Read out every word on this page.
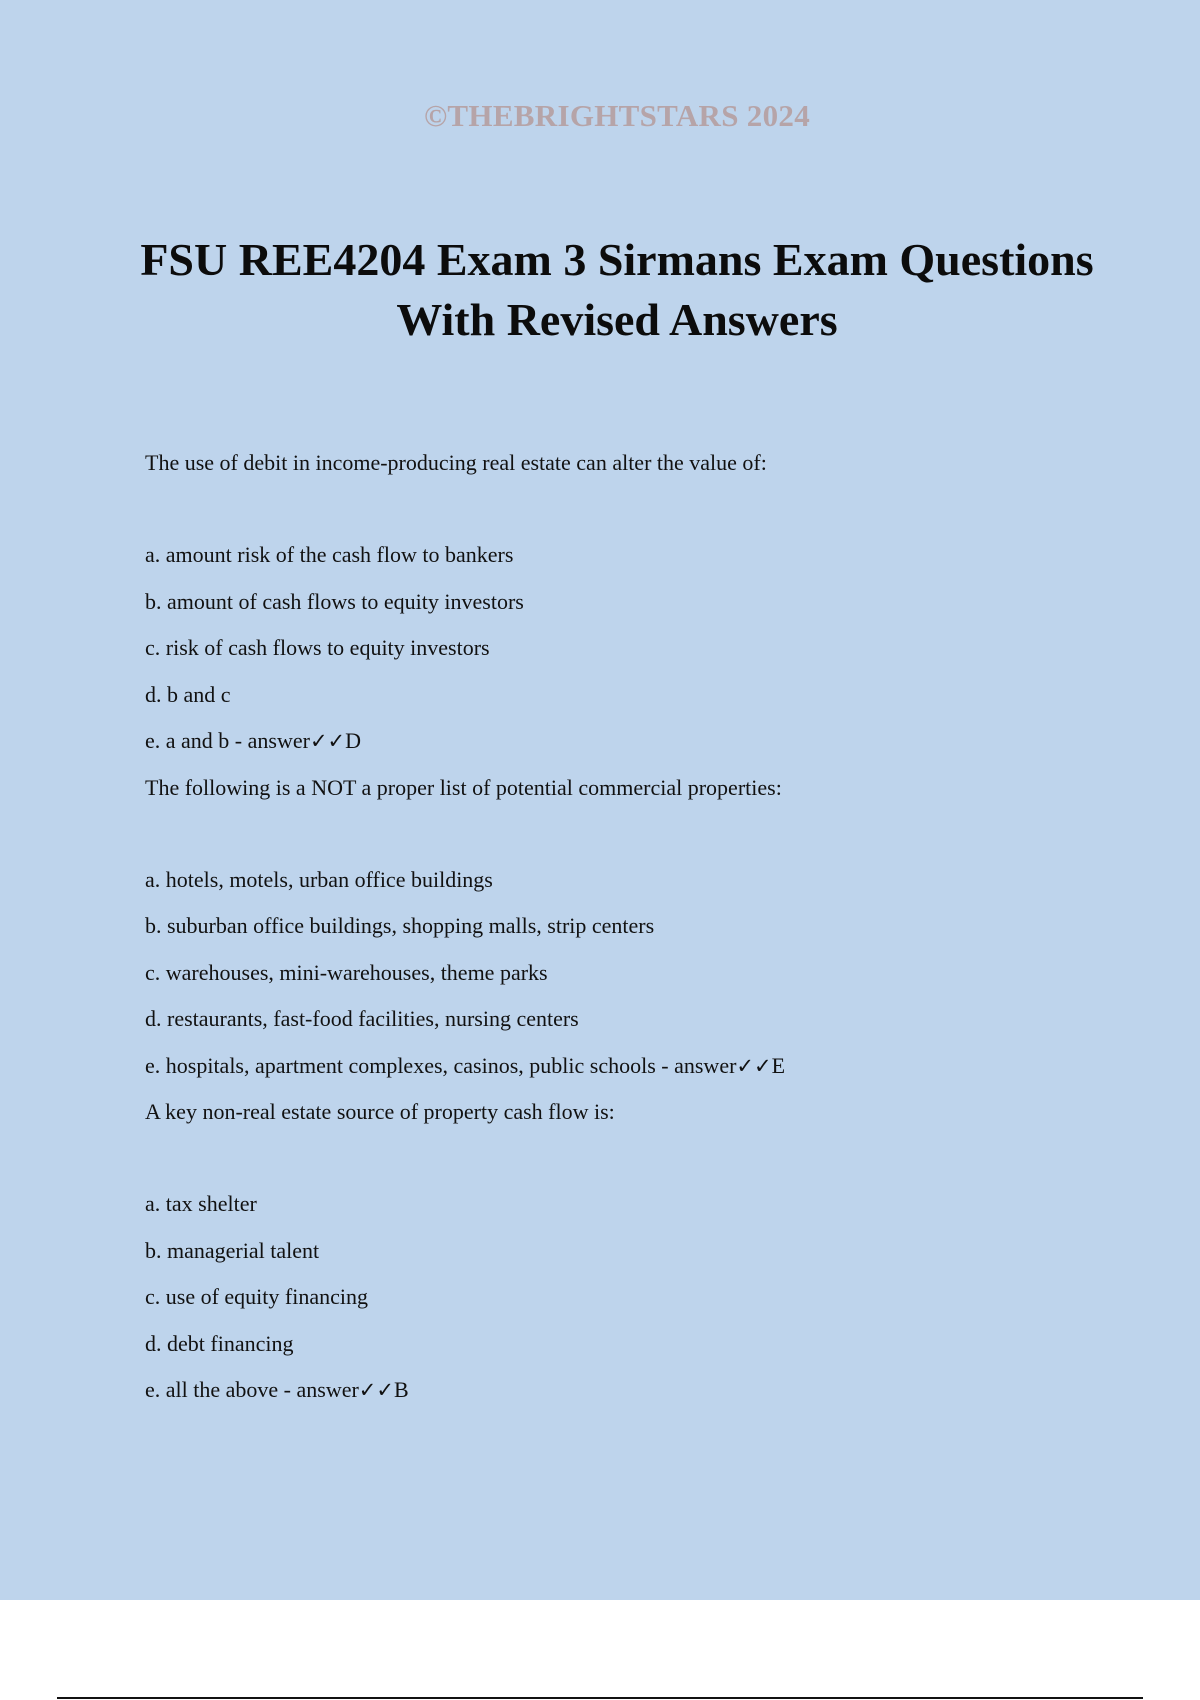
©THEBRIGHTSTARS 2024
FSU REE4204 Exam 3 Sirmans Exam Questions With Revised Answers

The use of debit in income-producing real estate can alter the value of:

a. amount risk of the cash flow to bankers

b. amount of cash flows to equity investors

c. risk of cash flows to equity investors

d. b and c

e. a and b - answer✓✓D

The following is a NOT a proper list of potential commercial properties:

a. hotels, motels, urban office buildings

b. suburban office buildings, shopping malls, strip centers

c. warehouses, mini-warehouses, theme parks

d. restaurants, fast-food facilities, nursing centers

e. hospitals, apartment complexes, casinos, public schools - answer✓✓E

A key non-real estate source of property cash flow is:

a. tax shelter

b. managerial talent

c. use of equity financing

d. debt financing

e. all the above - answer✓✓B
